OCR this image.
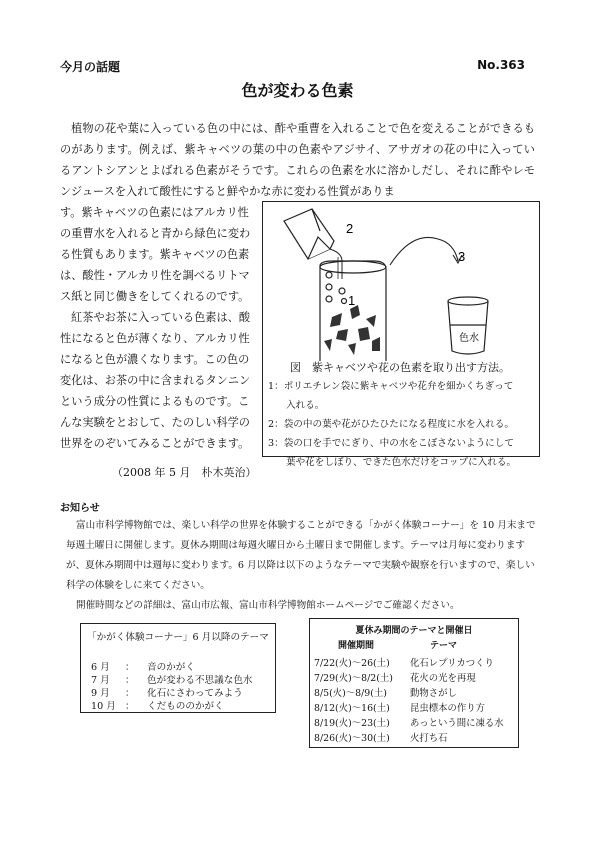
今月の話題	No.363
色が変わる色素
植物の花や葉に入っている色の中には、酢や重曹を入れることで色を変えることができるものがあります。例えば、紫キャベツの葉の中の色素やアジサイ、アサガオの花の中に入っているアントシアンとよばれる色素がそうです。これらの色素を水に溶かしだし、それに酢やレモンジュースを入れて酸性にすると鮮やかな赤に変わる性質がありま

す。紫キャベツの色素にはアルカリ性の重曹水を入れると青から緑色に変わる性質もあります。紫キャベツの色素は、酸性・アルカリ性を調べるリトマス紙と同じ働きをしてくれるのです。

紅茶やお茶に入っている色素は、酸性になると色が薄くなり、アルカリ性になると色が濃くなります。この色の変化は、お茶の中に含まれるタンニンという成分の性質によるものです。こんな実験をとおして、たのしい科学の世界をのぞいてみることができます。

（2008 年 5 月　朴木英治）
2
1
3
色水
図　紫キャベツや花の色素を取り出す方法。
1：ポリエチレン袋に紫キャベツや花弁を細かくちぎって
入れる。
2：袋の中の葉や花がひたひたになる程度に水を入れる。
3：袋の口を手でにぎり、中の水をこぼさないようにして
葉や花をしぼり、できた色水だけをコップに入れる。
お知らせ

富山市科学博物館では、楽しい科学の世界を体験することができる「かがく体験コーナー」を 10 月末まで毎週土曜日に開催します。夏休み期間は毎週火曜日から土曜日まで開催します。テーマは月毎に変わりますが、夏休み期間中は週毎に変わります。6 月以降は以下のようなテーマで実験や観察を行いますので、楽しい科学の体験をしに来てください。

開催時間などの詳細は、富山市広報、富山市科学博物館ホームページでご確認ください。

「かがく体験コーナー」6 月以降のテーマ
6 月 ： 音のかがく
7 月 ： 色が変わる不思議な色水
9 月 ： 化石にさわってみよう
10 月 ： くだもののかがく
夏休み期間のテーマと開催日
開催期間	テーマ
7/22(火)～26(土) 化石レプリカつくり
7/29(火)～8/2(土) 花火の光を再現
8/5(火)～8/9(土) 動物さがし
8/12(火)～16(土) 昆虫標本の作り方
8/19(火)～23(土) あっという間に凍る水
8/26(火)～30(土) 火打ち石
